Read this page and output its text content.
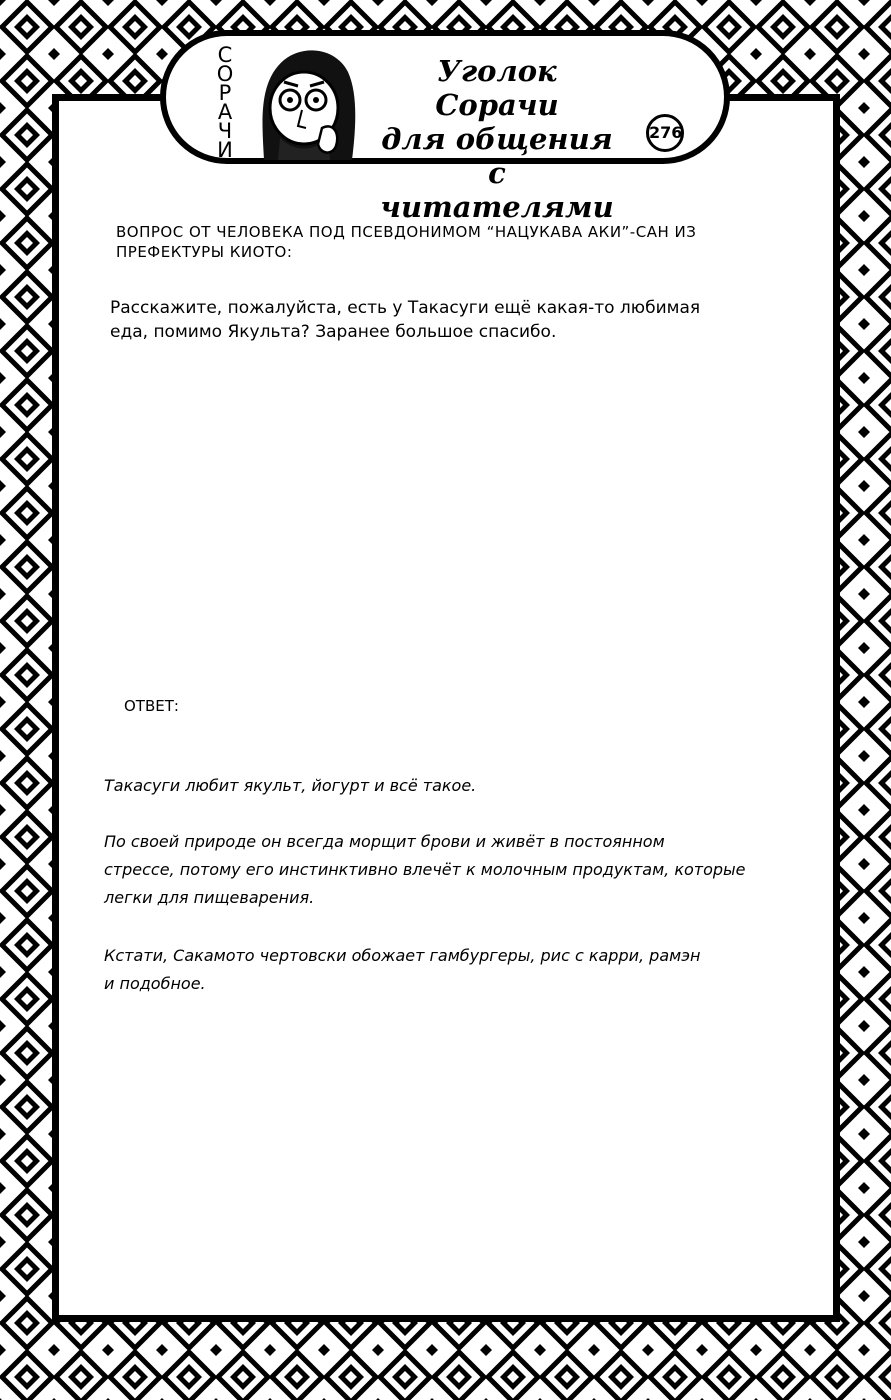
С
О
Р
А
Ч
И
Уголок Сорачи
для общения
с читателями
276
ВОПРОС ОТ ЧЕЛОВЕКА ПОД ПСЕВДОНИМОМ “НАЦУКАВА АКИ”-САН ИЗ
ПРЕФЕКТУРЫ КИОТО:
Расскажите, пожалуйста, есть у Такасуги ещё какая-то любимая
еда, помимо Якульта? Заранее большое спасибо.
ОТВЕТ:
Такасуги любит якульт, йогурт и всё такое.
По своей природе он всегда морщит брови и живёт в постоянном
стрессе, потому его инстинктивно влечёт к молочным продуктам, которые
легки для пищеварения.
Кстати, Сакамото чертовски обожает гамбургеры, рис с карри, рамэн
и подобное.
